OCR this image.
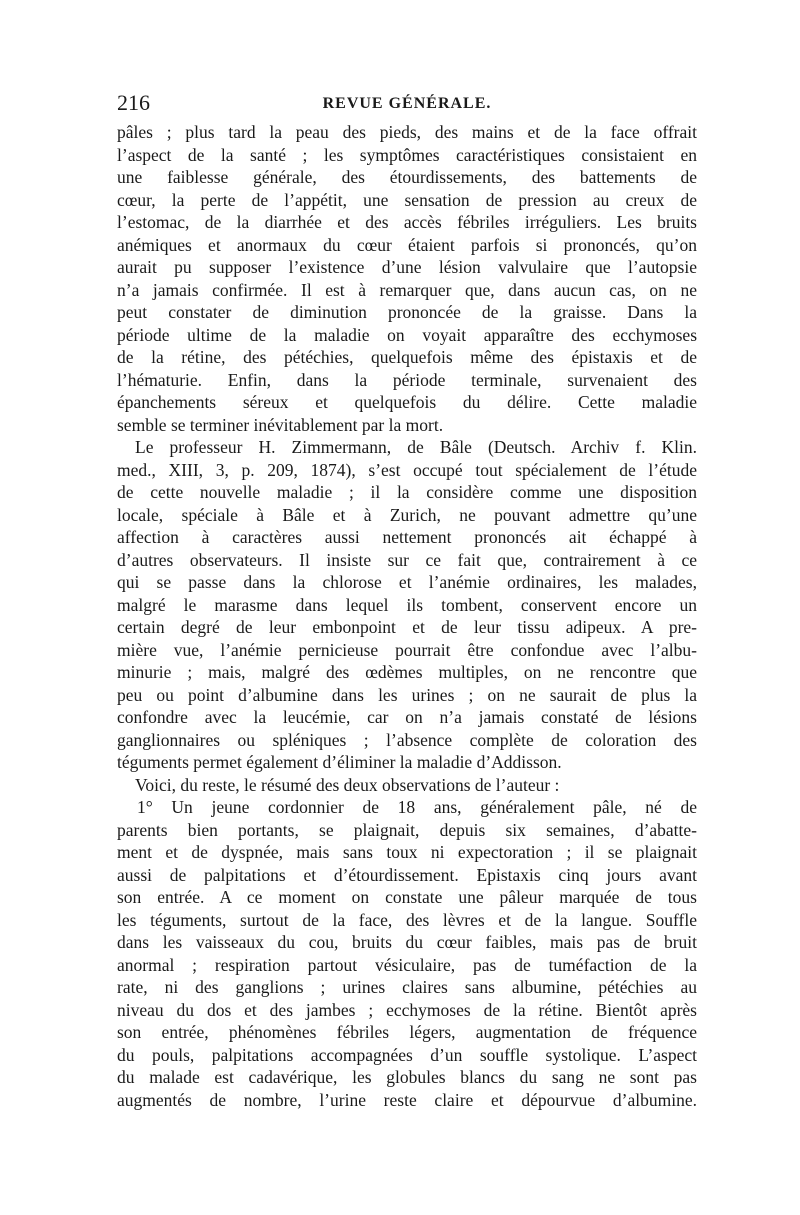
216	REVUE GÉNÉRALE.
pâles ; plus tard la peau des pieds, des mains et de la face offrait
l’aspect de la santé ; les symptômes caractéristiques consistaient en
une faiblesse générale, des étourdissements, des battements de
cœur, la perte de l’appétit, une sensation de pression au creux de
l’estomac, de la diarrhée et des accès fébriles irréguliers. Les bruits
anémiques et anormaux du cœur étaient parfois si prononcés, qu’on
aurait pu supposer l’existence d’une lésion valvulaire que l’autopsie
n’a jamais confirmée. Il est à remarquer que, dans aucun cas, on ne
peut constater de diminution prononcée de la graisse. Dans la
période ultime de la maladie on voyait apparaître des ecchymoses
de la rétine, des pétéchies, quelquefois même des épistaxis et de
l’hématurie. Enfin, dans la période terminale, survenaient des
épanchements séreux et quelquefois du délire. Cette maladie
semble se terminer inévitablement par la mort.
Le professeur H. Zimmermann, de Bâle (Deutsch. Archiv f. Klin.
med., XIII, 3, p. 209, 1874), s’est occupé tout spécialement de l’étude
de cette nouvelle maladie ; il la considère comme une disposition
locale, spéciale à Bâle et à Zurich, ne pouvant admettre qu’une
affection à caractères aussi nettement prononcés ait échappé à
d’autres observateurs. Il insiste sur ce fait que, contrairement à ce
qui se passe dans la chlorose et l’anémie ordinaires, les malades,
malgré le marasme dans lequel ils tombent, conservent encore un
certain degré de leur embonpoint et de leur tissu adipeux. A pre-
mière vue, l’anémie pernicieuse pourrait être confondue avec l’albu-
minurie ; mais, malgré des œdèmes multiples, on ne rencontre que
peu ou point d’albumine dans les urines ; on ne saurait de plus la
confondre avec la leucémie, car on n’a jamais constaté de lésions
ganglionnaires ou spléniques ; l’absence complète de coloration des
téguments permet également d’éliminer la maladie d’Addisson.
Voici, du reste, le résumé des deux observations de l’auteur :
1° Un jeune cordonnier de 18 ans, généralement pâle, né de
parents bien portants, se plaignait, depuis six semaines, d’abatte-
ment et de dyspnée, mais sans toux ni expectoration ; il se plaignait
aussi de palpitations et d’étourdissement. Epistaxis cinq jours avant
son entrée. A ce moment on constate une pâleur marquée de tous
les téguments, surtout de la face, des lèvres et de la langue. Souffle
dans les vaisseaux du cou, bruits du cœur faibles, mais pas de bruit
anormal ; respiration partout vésiculaire, pas de tuméfaction de la
rate, ni des ganglions ; urines claires sans albumine, pétéchies au
niveau du dos et des jambes ; ecchymoses de la rétine. Bientôt après
son entrée, phénomènes fébriles légers, augmentation de fréquence
du pouls, palpitations accompagnées d’un souffle systolique. L’aspect
du malade est cadavérique, les globules blancs du sang ne sont pas
augmentés de nombre, l’urine reste claire et dépourvue d’albumine.
